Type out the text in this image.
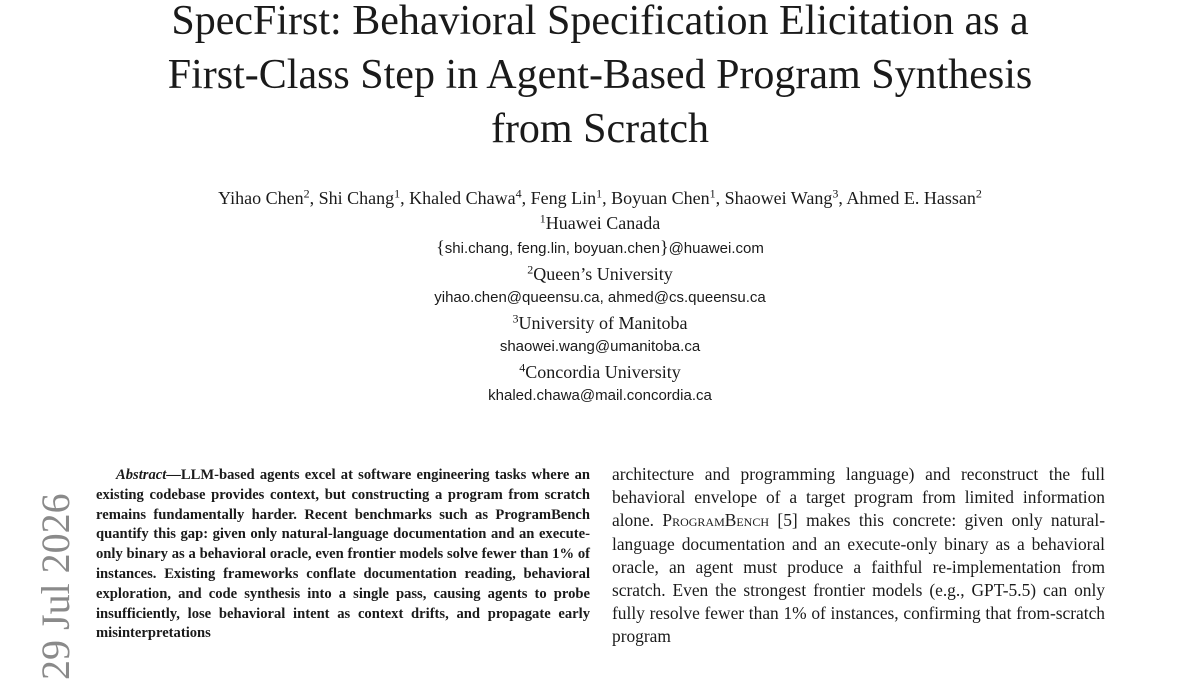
SpecFirst: Behavioral Specification Elicitation as a
First-Class Step in Agent-Based Program Synthesis
from Scratch
Yihao Chen$^2$, Shi Chang$^1$, Khaled Chawa$^4$, Feng Lin$^1$, Boyuan Chen$^1$, Shaowei Wang$^3$, Ahmed E. Hassan$^2$
$^1$Huawei Canada
{shi.chang, feng.lin, boyuan.chen}@huawei.com
$^2$Queen’s University
yihao.chen@queensu.ca, ahmed@cs.queensu.ca
$^3$University of Manitoba
shaowei.wang@umanitoba.ca
$^4$Concordia University
khaled.chawa@mail.concordia.ca
29 Jul 2026

Abstract—LLM-based agents excel at software engineering tasks where an existing codebase provides context, but constructing a program from scratch remains fundamentally harder. Recent benchmarks such as ProgramBench quantify this gap: given only natural-language documentation and an execute-only binary as a behavioral oracle, even frontier models solve fewer than 1% of instances. Existing frameworks conflate documentation reading, behavioral exploration, and code synthesis into a single pass, causing agents to probe insufficiently, lose behavioral intent as context drifts, and propagate early misinterpretations

architecture and programming language) and reconstruct the full behavioral envelope of a target program from limited information alone. ProgramBench [5] makes this concrete: given only natural-language documentation and an execute-only binary as a behavioral oracle, an agent must produce a faithful re-implementation from scratch. Even the strongest frontier models (e.g., GPT-5.5) can only fully resolve fewer than 1% of instances, confirming that from-scratch program
